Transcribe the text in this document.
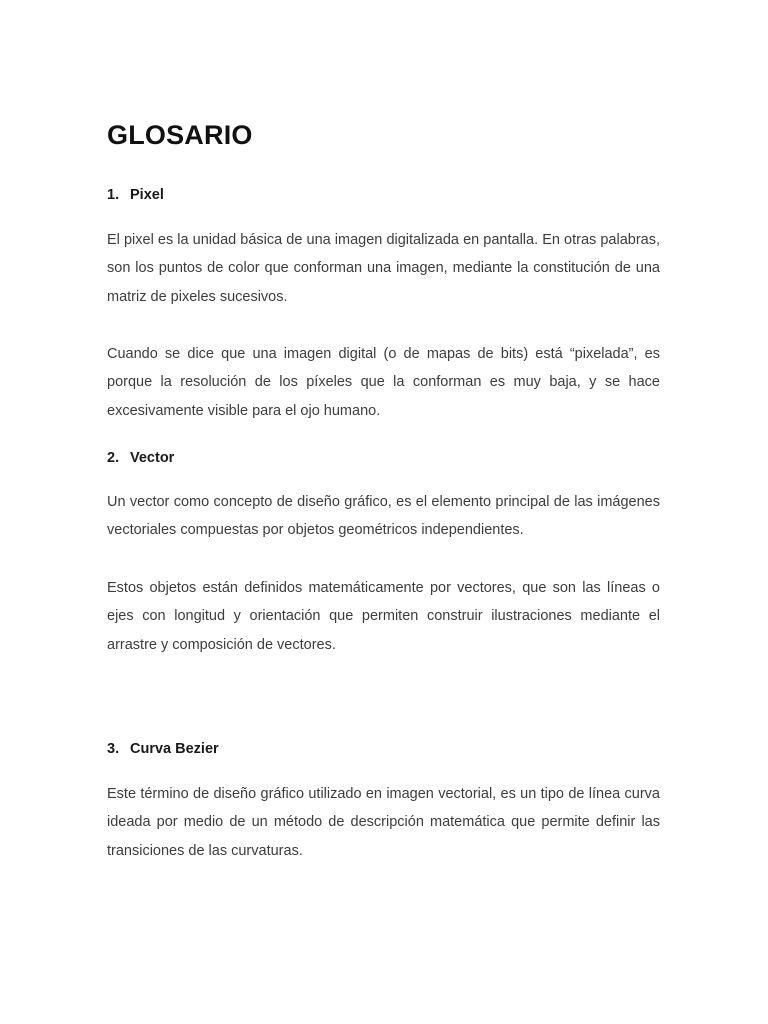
GLOSARIO
1. Pixel

El pixel es la unidad básica de una imagen digitalizada en pantalla. En otras palabras, son los puntos de color que conforman una imagen, mediante la constitución de una matriz de pixeles sucesivos.

Cuando se dice que una imagen digital (o de mapas de bits) está “pixelada”, es porque la resolución de los píxeles que la conforman es muy baja, y se hace excesivamente visible para el ojo humano.

2. Vector

Un vector como concepto de diseño gráfico, es el elemento principal de las imágenes vectoriales compuestas por objetos geométricos independientes.

Estos objetos están definidos matemáticamente por vectores, que son las líneas o ejes con longitud y orientación que permiten construir ilustraciones mediante el arrastre y composición de vectores.

3. Curva Bezier

Este término de diseño gráfico utilizado en imagen vectorial, es un tipo de línea curva ideada por medio de un método de descripción matemática que permite definir las transiciones de las curvaturas.
